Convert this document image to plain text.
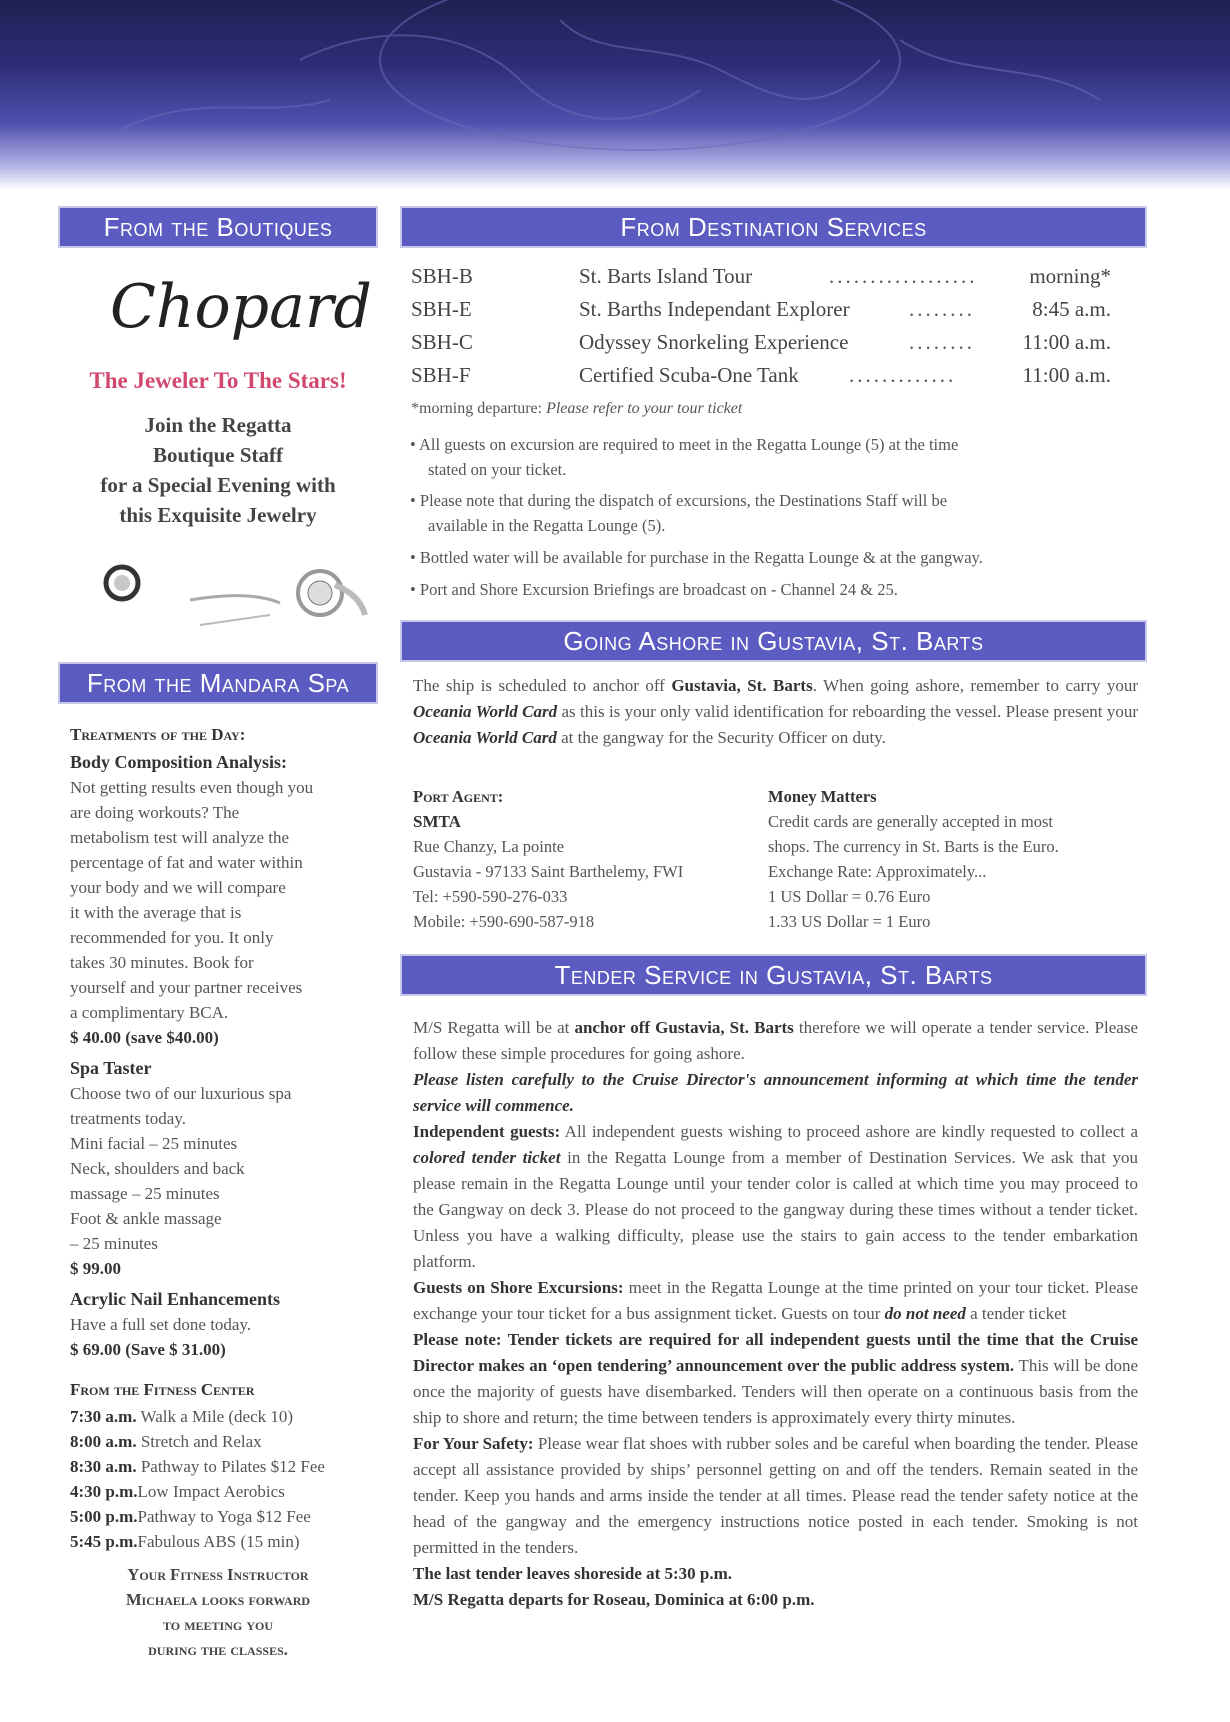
From the Boutiques
Chopard
The Jeweler To The Stars!
Join the Regatta
Boutique Staff
for a Special Evening with
this Exquisite Jewelry
From the Mandara Spa
Treatments of the Day:
Body Composition Analysis:
Not getting results even though you
are doing workouts? The
metabolism test will analyze the
percentage of fat and water within
your body and we will compare
it with the average that is
recommended for you. It only
takes 30 minutes. Book for
yourself and your partner receives
a complimentary BCA.
$ 40.00 (save $40.00)
Spa Taster
Choose two of our luxurious spa
treatments today.
Mini facial – 25 minutes
Neck, shoulders and back
massage – 25 minutes
Foot & ankle massage
– 25 minutes
$ 99.00
Acrylic Nail Enhancements
Have a full set done today.
$ 69.00 (Save $ 31.00)
From the Fitness Center
7:30 a.m. Walk a Mile (deck 10)
8:00 a.m. Stretch and Relax
8:30 a.m. Pathway to Pilates $12 Fee
4:30 p.m.Low Impact Aerobics
5:00 p.m.Pathway to Yoga $12 Fee
5:45 p.m.Fabulous ABS (15 min)
Your Fitness Instructor
Michaela looks forward
to meeting you
during the classes.
From Destination Services
SBH-B	St. Barts Island Tour	..................	morning*
SBH-E	St. Barths Independant Explorer	........	8:45 a.m.
SBH-C	Odyssey Snorkeling Experience	........	11:00 a.m.
SBH-F	Certified Scuba-One Tank .............	11:00 a.m.
*morning departure: Please refer to your tour ticket
• All guests on excursion are required to meet in the Regatta Lounge (5) at the time
stated on your ticket.
• Please note that during the dispatch of excursions, the Destinations Staff will be
available in the Regatta Lounge (5).
• Bottled water will be available for purchase in the Regatta Lounge & at the gangway.
• Port and Shore Excursion Briefings are broadcast on - Channel 24 & 25.
Going Ashore in Gustavia, St. Barts
The ship is scheduled to anchor off Gustavia, St. Barts. When going ashore, remember to carry your Oceania World Card as this is your only valid identification for reboarding the vessel. Please present your Oceania World Card at the gangway for the Security Officer on duty.
Port Agent:
SMTA
Rue Chanzy, La pointe
Gustavia - 97133 Saint Barthelemy, FWI
Tel: +590-590-276-033
Mobile: +590-690-587-918
Money Matters
Credit cards are generally accepted in most
shops. The currency in St. Barts is the Euro.
Exchange Rate: Approximately...
1 US Dollar = 0.76 Euro
1.33 US Dollar = 1 Euro
Tender Service in Gustavia, St. Barts

M/S Regatta will be at anchor off Gustavia, St. Barts therefore we will operate a tender service. Please follow these simple procedures for going ashore.

Please listen carefully to the Cruise Director's announcement informing at which time the tender service will commence.

Independent guests: All independent guests wishing to proceed ashore are kindly requested to collect a colored tender ticket in the Regatta Lounge from a member of Destination Services. We ask that you please remain in the Regatta Lounge until your tender color is called at which time you may proceed to the Gangway on deck 3. Please do not proceed to the gangway during these times without a tender ticket. Unless you have a walking difficulty, please use the stairs to gain access to the tender embarkation platform.

Guests on Shore Excursions: meet in the Regatta Lounge at the time printed on your tour ticket. Please exchange your tour ticket for a bus assignment ticket. Guests on tour do not need a tender ticket

Please note: Tender tickets are required for all independent guests until the time that the Cruise Director makes an ‘open tendering’ announcement over the public address system. This will be done once the majority of guests have disembarked. Tenders will then operate on a continuous basis from the ship to shore and return; the time between tenders is approximately every thirty minutes.

For Your Safety: Please wear flat shoes with rubber soles and be careful when boarding the tender. Please accept all assistance provided by ships’ personnel getting on and off the tenders. Remain seated in the tender. Keep you hands and arms inside the tender at all times. Please read the tender safety notice at the head of the gangway and the emergency instructions notice posted in each tender. Smoking is not permitted in the tenders.

The last tender leaves shoreside at 5:30 p.m.

M/S Regatta departs for Roseau, Dominica at 6:00 p.m.
